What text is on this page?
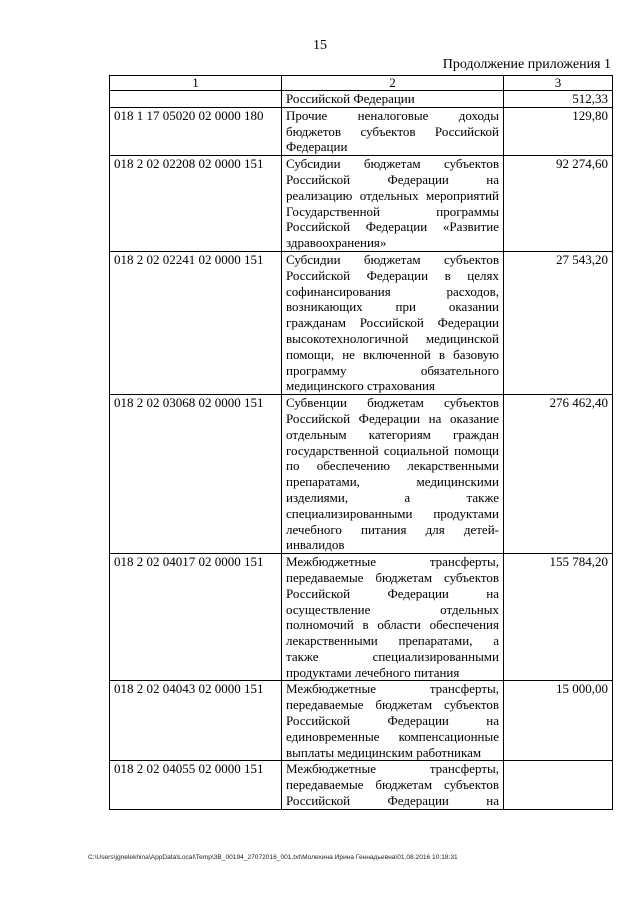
15
Продолжение приложения 1
1	2	3
	Российской Федерации	512,33
018 1 17 05020 02 0000 180	Прочие неналоговые доходы бюджетов субъектов Российской Федерации	129,80
018 2 02 02208 02 0000 151	Субсидии бюджетам субъектов Российской Федерации на реализацию отдельных мероприятий Государственной программы Российской Федерации «Развитие здравоохранения»	92 274,60
018 2 02 02241 02 0000 151	Субсидии бюджетам субъектов Российской Федерации в целях софинансирования расходов, возникающих при оказании гражданам Российской Федерации высокотехнологичной медицинской помощи, не включенной в базовую программу обязательного медицинского страхования	27 543,20
018 2 02 03068 02 0000 151	Субвенции бюджетам субъектов Российской Федерации на оказание отдельным категориям граждан государственной социальной помощи по обеспечению лекарственными препаратами, медицинскими изделиями, а также специализированными продуктами лечебного питания для детей-инвалидов	276 462,40
018 2 02 04017 02 0000 151	Межбюджетные трансферты, передаваемые бюджетам субъектов Российской Федерации на осуществление отдельных полномочий в области обеспечения лекарственными препаратами, а также специализированными продуктами лечебного питания	155 784,20
018 2 02 04043 02 0000 151	Межбюджетные трансферты, передаваемые бюджетам субъектов Российской Федерации на единовременные компенсационные выплаты медицинским работникам	15 000,00
018 2 02 04055 02 0000 151	Межбюджетные трансферты, передаваемые бюджетам субъектов Российской Федерации на	
C:\Users\jgnelekhina\AppData\Local\Temp\3B_00194_27072016_001.txt\Молехина Ирина Геннадьевна\01.08.2016 10:18:31
